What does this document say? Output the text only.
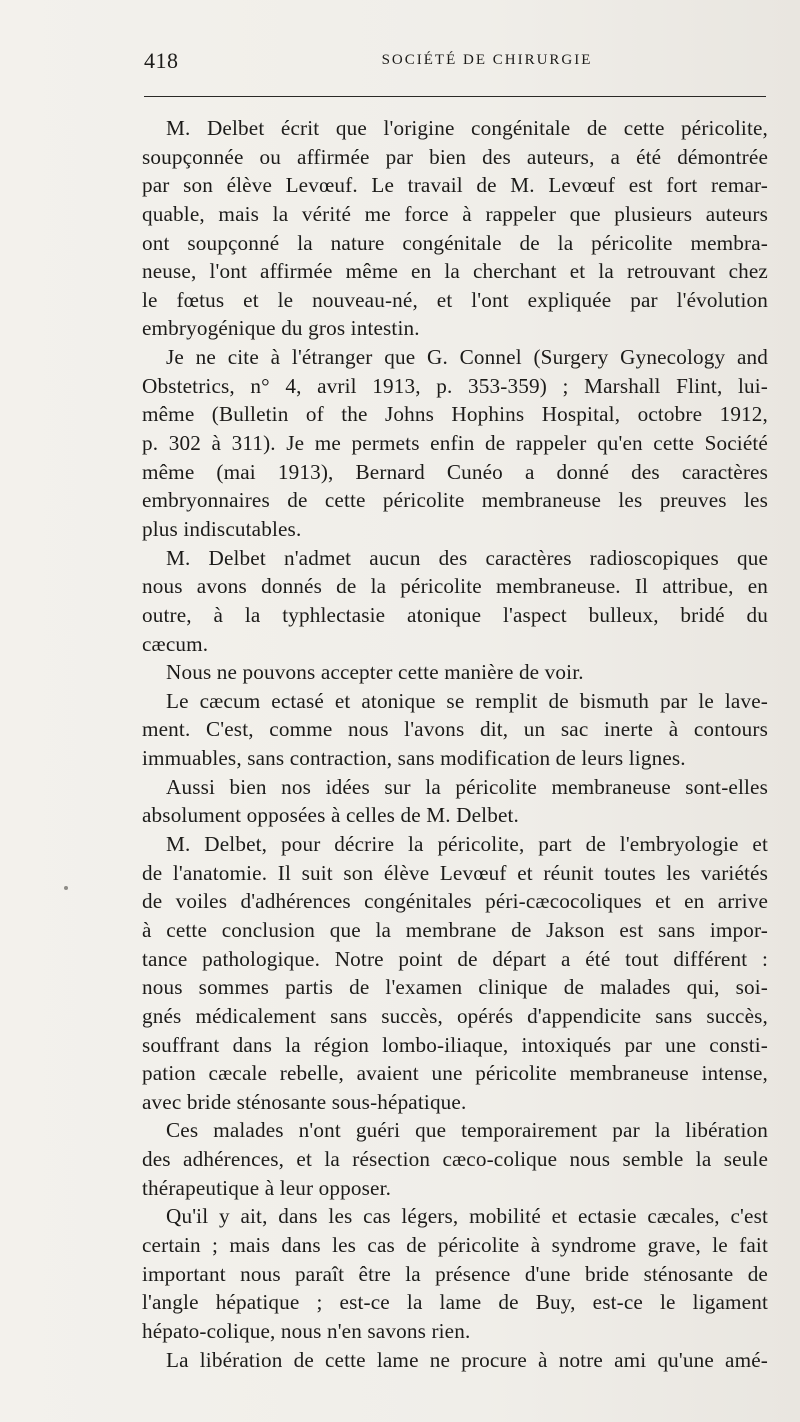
418	SOCIÉTÉ DE CHIRURGIE
M. Delbet écrit que l'origine congénitale de cette péricolite,
soupçonnée ou affirmée par bien des auteurs, a été démontrée
par son élève Levœuf. Le travail de M. Levœuf est fort remar-
quable, mais la vérité me force à rappeler que plusieurs auteurs
ont soupçonné la nature congénitale de la péricolite membra-
neuse, l'ont affirmée même en la cherchant et la retrouvant chez
le fœtus et le nouveau-né, et l'ont expliquée par l'évolution
embryogénique du gros intestin.
Je ne cite à l'étranger que G. Connel (Surgery Gynecology and
Obstetrics, n° 4, avril 1913, p. 353-359) ; Marshall Flint, lui-
même (Bulletin of the Johns Hophins Hospital, octobre 1912,
p. 302 à 311). Je me permets enfin de rappeler qu'en cette Société
même (mai 1913), Bernard Cunéo a donné des caractères
embryonnaires de cette péricolite membraneuse les preuves les
plus indiscutables.
M. Delbet n'admet aucun des caractères radioscopiques que
nous avons donnés de la péricolite membraneuse. Il attribue, en
outre, à la typhlectasie atonique l'aspect bulleux, bridé du
cæcum.
Nous ne pouvons accepter cette manière de voir.
Le cæcum ectasé et atonique se remplit de bismuth par le lave-
ment. C'est, comme nous l'avons dit, un sac inerte à contours
immuables, sans contraction, sans modification de leurs lignes.
Aussi bien nos idées sur la péricolite membraneuse sont-elles
absolument opposées à celles de M. Delbet.
M. Delbet, pour décrire la péricolite, part de l'embryologie et
de l'anatomie. Il suit son élève Levœuf et réunit toutes les variétés
de voiles d'adhérences congénitales péri-cæcocoliques et en arrive
à cette conclusion que la membrane de Jakson est sans impor-
tance pathologique. Notre point de départ a été tout différent :
nous sommes partis de l'examen clinique de malades qui, soi-
gnés médicalement sans succès, opérés d'appendicite sans succès,
souffrant dans la région lombo-iliaque, intoxiqués par une consti-
pation cæcale rebelle, avaient une péricolite membraneuse intense,
avec bride sténosante sous-hépatique.
Ces malades n'ont guéri que temporairement par la libération
des adhérences, et la résection cæco-colique nous semble la seule
thérapeutique à leur opposer.
Qu'il y ait, dans les cas légers, mobilité et ectasie cæcales, c'est
certain ; mais dans les cas de péricolite à syndrome grave, le fait
important nous paraît être la présence d'une bride sténosante de
l'angle hépatique ; est-ce la lame de Buy, est-ce le ligament
hépato-colique, nous n'en savons rien.
La libération de cette lame ne procure à notre ami qu'une amé-
